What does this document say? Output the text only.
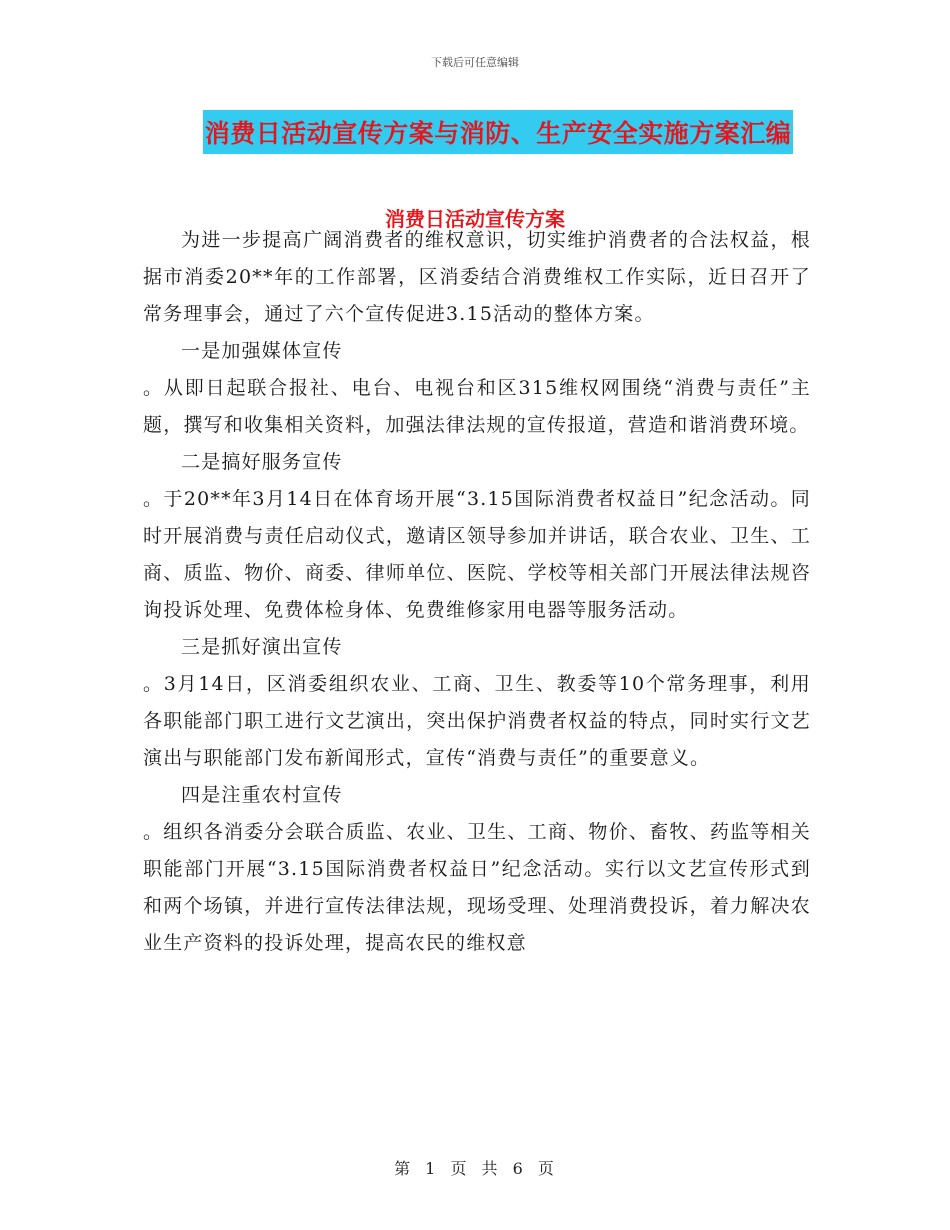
下载后可任意编辑
消费日活动宣传方案与消防、生产安全实施方案汇编
消费日活动宣传方案

为进一步提高广阔消费者的维权意识，切实维护消费者的合法权益，根据市消委20**年的工作部署，区消委结合消费维权工作实际，近日召开了常务理事会，通过了六个宣传促进3.15活动的整体方案。

一是加强媒体宣传

。从即日起联合报社、电台、电视台和区315维权网围绕“消费与责任”主题，撰写和收集相关资料，加强法律法规的宣传报道，营造和谐消费环境。

二是搞好服务宣传

。于20**年3月14日在体育场开展“3.15国际消费者权益日”纪念活动。同时开展消费与责任启动仪式，邀请区领导参加并讲话，联合农业、卫生、工商、质监、物价、商委、律师单位、医院、学校等相关部门开展法律法规咨询投诉处理、免费体检身体、免费维修家用电器等服务活动。

三是抓好演出宣传

。3月14日，区消委组织农业、工商、卫生、教委等10个常务理事，利用各职能部门职工进行文艺演出，突出保护消费者权益的特点，同时实行文艺演出与职能部门发布新闻形式，宣传“消费与责任”的重要意义。

四是注重农村宣传

。组织各消委分会联合质监、农业、卫生、工商、物价、畜牧、药监等相关职能部门开展“3.15国际消费者权益日”纪念活动。实行以文艺宣传形式到和两个场镇，并进行宣传法律法规，现场受理、处理消费投诉，着力解决农业生产资料的投诉处理，提高农民的维权意

第 1 页 共 6 页
